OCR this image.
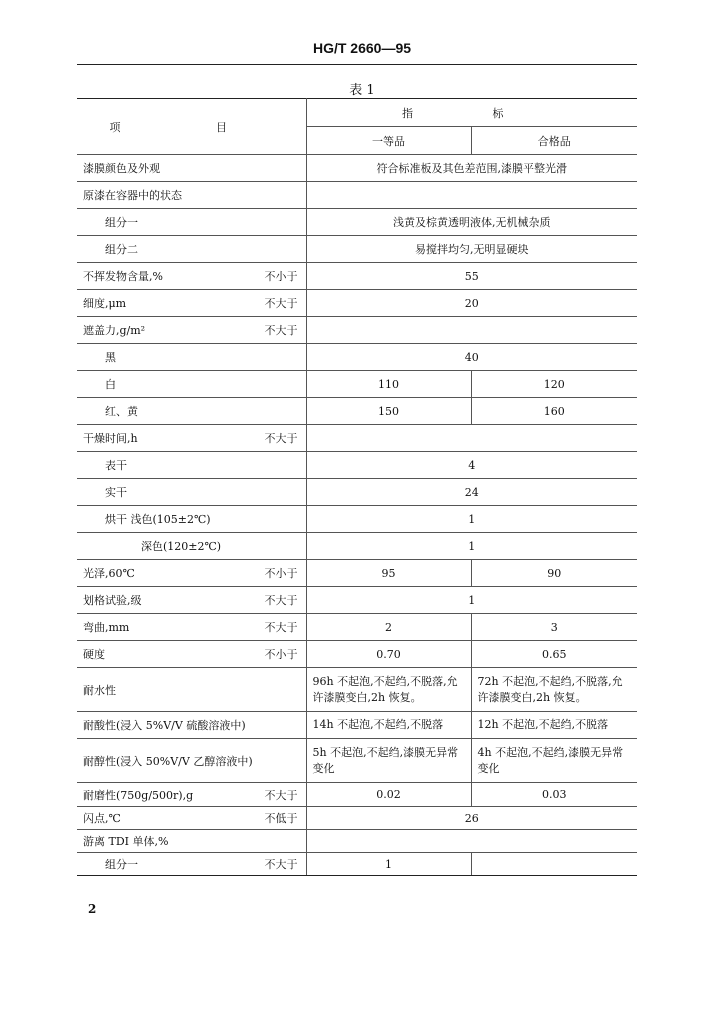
HG/T 2660—95
表 1
项 目	指 标	
	一等品	合格品
漆膜颜色及外观	符合标准板及其色差范围,漆膜平整光滑	
原漆在容器中的状态		
组分一	浅黄及棕黄透明液体,无机械杂质	
组分二	易搅拌均匀,无明显硬块	
不挥发物含量,% 不小于	55	
细度,μm 不大于	20	
遮盖力,g/m² 不大于		

黑	40	
白	110	120
红、黄	150	160
干燥时间,h 不大于		

表干	4	
实干	24	
烘干 浅色(105±2℃)	1	
深色(120±2℃)	1	
光泽,60℃ 不小于	95	90
划格试验,级 不大于	1	
弯曲,mm 不大于	2	3
硬度 不小于	0.70	0.65
耐水性	96h 不起泡,不起绉,不脱落,允许漆膜变白,2h 恢复。	72h 不起泡,不起绉,不脱落,允许漆膜变白,2h 恢复。
耐酸性(浸入 5%V/V 硫酸溶液中)	14h 不起泡,不起绉,不脱落	12h 不起泡,不起绉,不脱落
耐醇性(浸入 50%V/V 乙醇溶液中)	5h 不起泡,不起绉,漆膜无异常变化	4h 不起泡,不起绉,漆膜无异常变化
耐磨性(750g/500r),g 不大于	0.02	0.03
闪点,℃ 不低于	26	
游离 TDI 单体,%		
组分一 不大于	1	
2
